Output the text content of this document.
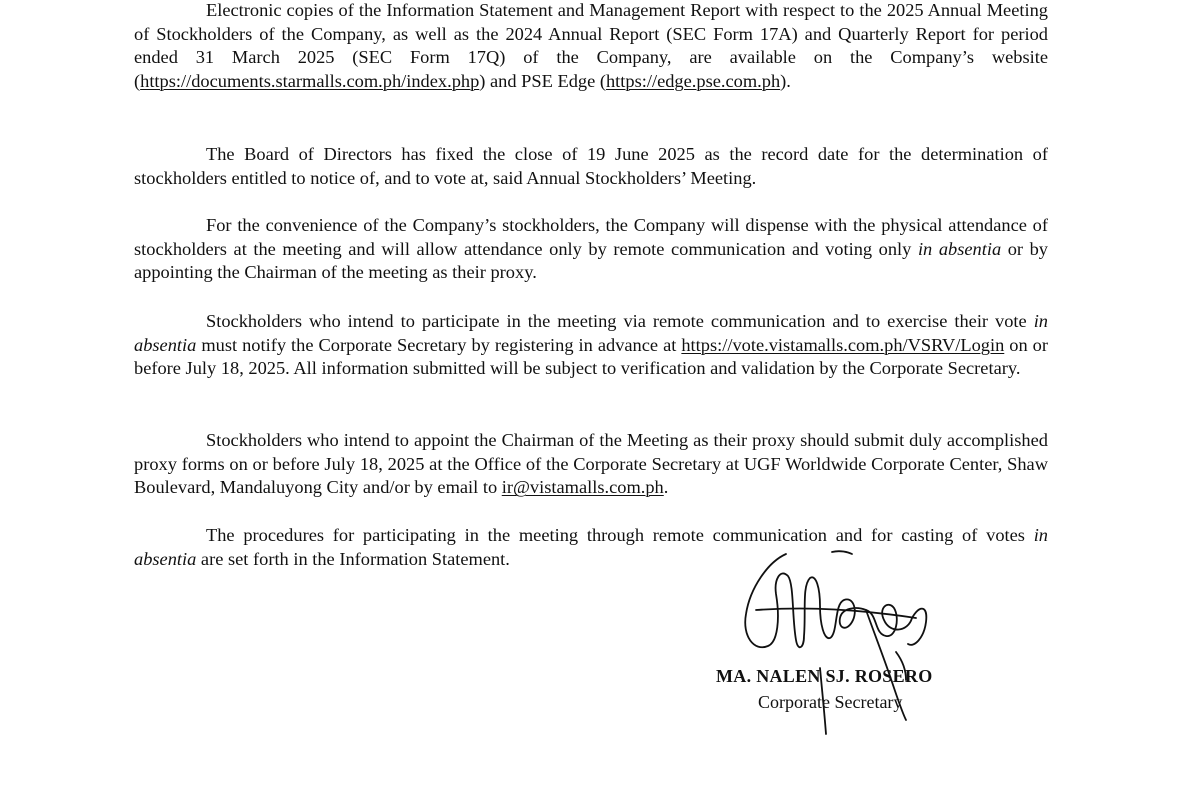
Electronic copies of the Information Statement and Management Report with respect to the 2025 Annual Meeting of Stockholders of the Company, as well as the 2024 Annual Report (SEC Form 17A) and Quarterly Report for period ended 31 March 2025 (SEC Form 17Q) of the Company, are available on the Company’s website (https://documents.starmalls.com.ph/index.php) and PSE Edge (https://edge.pse.com.ph).

The Board of Directors has fixed the close of 19 June 2025 as the record date for the determination of stockholders entitled to notice of, and to vote at, said Annual Stockholders’ Meeting.

For the convenience of the Company’s stockholders, the Company will dispense with the physical attendance of stockholders at the meeting and will allow attendance only by remote communication and voting only in absentia or by appointing the Chairman of the meeting as their proxy.

Stockholders who intend to participate in the meeting via remote communication and to exercise their vote in absentia must notify the Corporate Secretary by registering in advance at https://vote.vistamalls.com.ph/VSRV/Login on or before July 18, 2025. All information submitted will be subject to verification and validation by the Corporate Secretary.

Stockholders who intend to appoint the Chairman of the Meeting as their proxy should submit duly accomplished proxy forms on or before July 18, 2025 at the Office of the Corporate Secretary at UGF Worldwide Corporate Center, Shaw Boulevard, Mandaluyong City and/or by email to ir@vistamalls.com.ph.

The procedures for participating in the meeting through remote communication and for casting of votes in absentia are set forth in the Information Statement.

MA. NALEN SJ. ROSERO
Corporate Secretary
